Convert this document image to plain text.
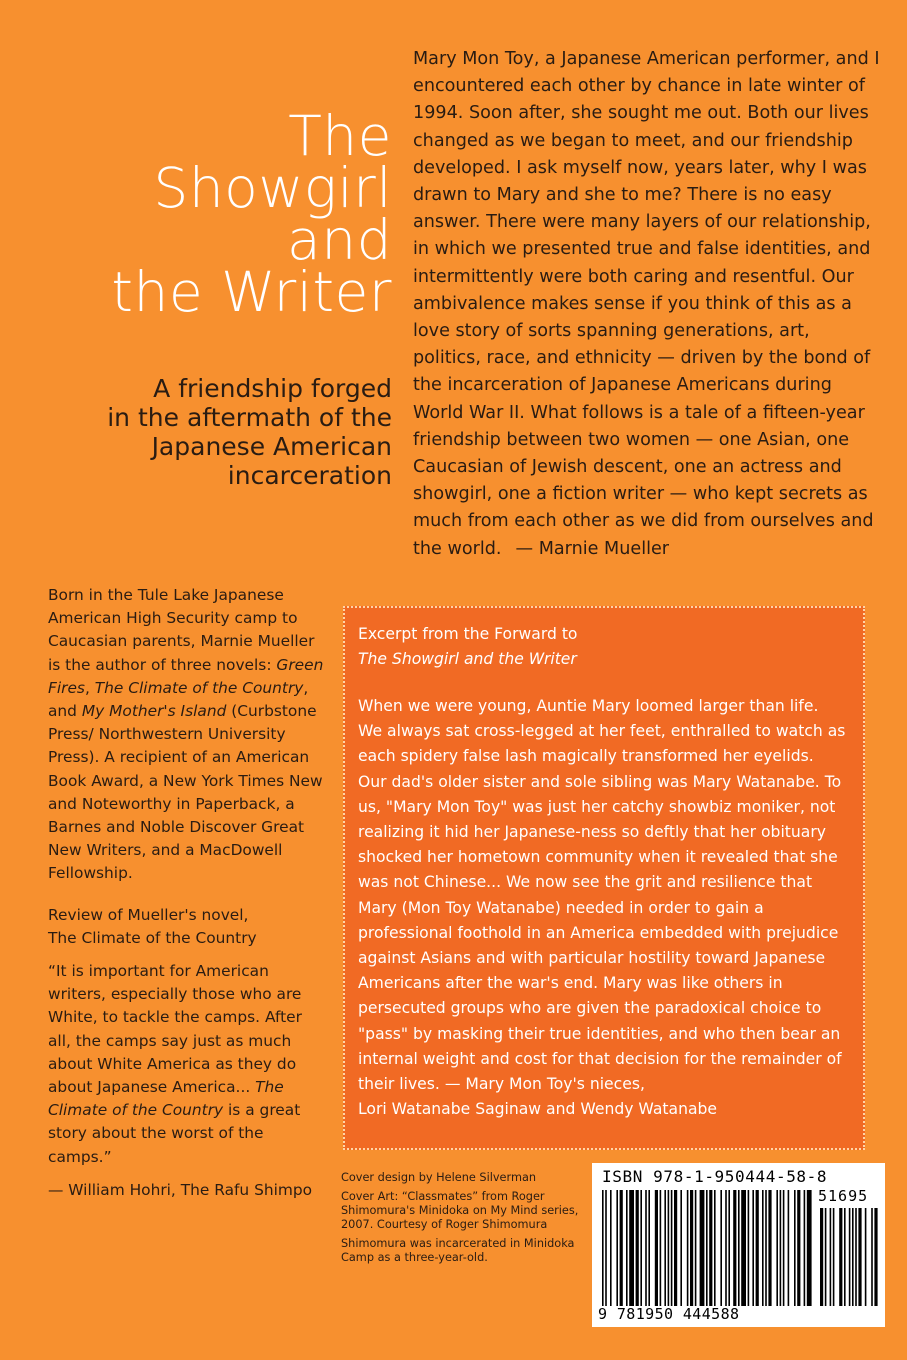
The
Showgirl
and
the Writer
A friendship forged
in the aftermath of the
Japanese American
incarceration
Mary Mon Toy, a Japanese American performer, and I encountered each other by chance in late winter of 1994. Soon after, she sought me out. Both our lives changed as we began to meet, and our friendship developed. I ask myself now, years later, why I was drawn to Mary and she to me? There is no easy answer. There were many layers of our relationship, in which we presented true and false identities, and intermittently were both caring and resentful. Our ambivalence makes sense if you think of this as a love story of sorts spanning generations, art, politics, race, and ethnicity — driven by the bond of the incarceration of Japanese Americans during World War II. What follows is a tale of a fifteen-year friendship between two women — one Asian, one Caucasian of Jewish descent, one an actress and showgirl, one a fiction writer — who kept secrets as much from each other as we did from ourselves and the world. — Marnie Mueller

Born in the Tule Lake Japanese American High Security camp to Caucasian parents, Marnie Mueller is the author of three novels: Green Fires, The Climate of the Country, and My Mother's Island (Curbstone Press/ Northwestern University Press). A recipient of an American Book Award, a New York Times New and Noteworthy in Paperback, a Barnes and Noble Discover Great New Writers, and a MacDowell Fellowship.

Review of Mueller's novel,
The Climate of the Country

“It is important for American writers, especially those who are White, to tackle the camps. After all, the camps say just as much about White America as they do about Japanese America... The Climate of the Country is a great story about the worst of the camps.”

— William Hohri, The Rafu Shimpo

Excerpt from the Forward to
The Showgirl and the Writer
When we were young, Auntie Mary loomed larger than life. We always sat cross-legged at her feet, enthralled to watch as each spidery false lash magically transformed her eyelids. Our dad's older sister and sole sibling was Mary Watanabe. To us, "Mary Mon Toy" was just her catchy showbiz moniker, not realizing it hid her Japanese-ness so deftly that her obituary shocked her hometown community when it revealed that she was not Chinese... We now see the grit and resilience that Mary (Mon Toy Watanabe) needed in order to gain a professional foothold in an America embedded with prejudice against Asians and with particular hostility toward Japanese Americans after the war's end. Mary was like others in persecuted groups who are given the paradoxical choice to "pass" by masking their true identities, and who then bear an internal weight and cost for that decision for the remainder of their lives. — Mary Mon Toy's nieces,
Lori Watanabe Saginaw and Wendy Watanabe

Cover design by Helene Silverman

Cover Art: “Classmates” from Roger Shimomura's Minidoka on My Mind series, 2007. Courtesy of Roger Shimomura

Shimomura was incarcerated in Minidoka Camp as a three-year-old.

ISBN 978-1-950444-58-8
51695
9 781950 444588
